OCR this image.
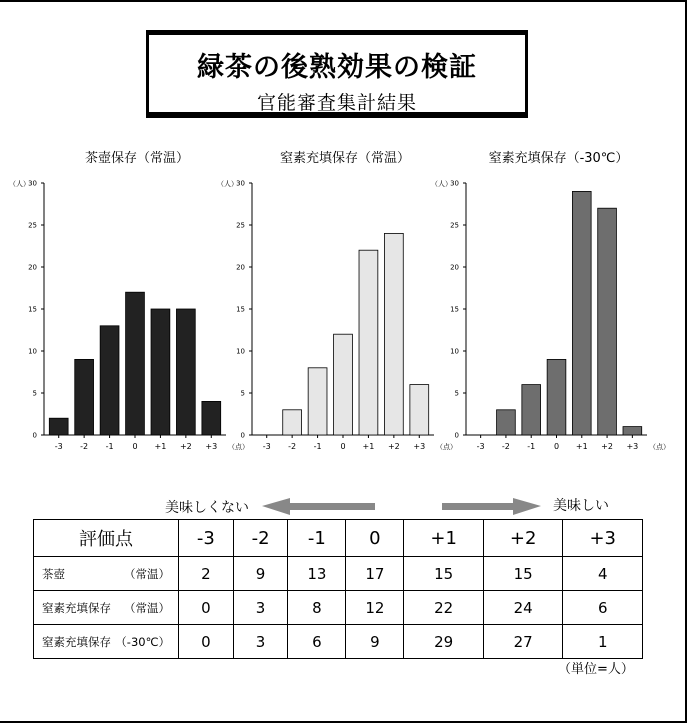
緑茶の後熟効果の検証
官能審査集計結果
茶壺保存（常温）
（人）
0
5
10
15
20
25
30
-3 -2 -1 0 +1 +2 +3 （点）
窒素充填保存（常温）
（人）
0
5
10
15
20
25
30
-3 -2 -1 0 +1 +2 +3 （点）
窒素充填保存（-30℃）
（人）
0
5
10
15
20
25
30
-3 -2 -1 0 +1 +2 +3 （点）
美味しくない	美味しい
評価点	-3	-2	-1	0	+1	+2	+3
茶壺 （常温）	2	9	13	17	15	15	4
窒素充填保存 （常温）	0	3	8	12	22	24	6
窒素充填保存 （-30℃）	0	3	6	9	29	27	1
（単位=人）
